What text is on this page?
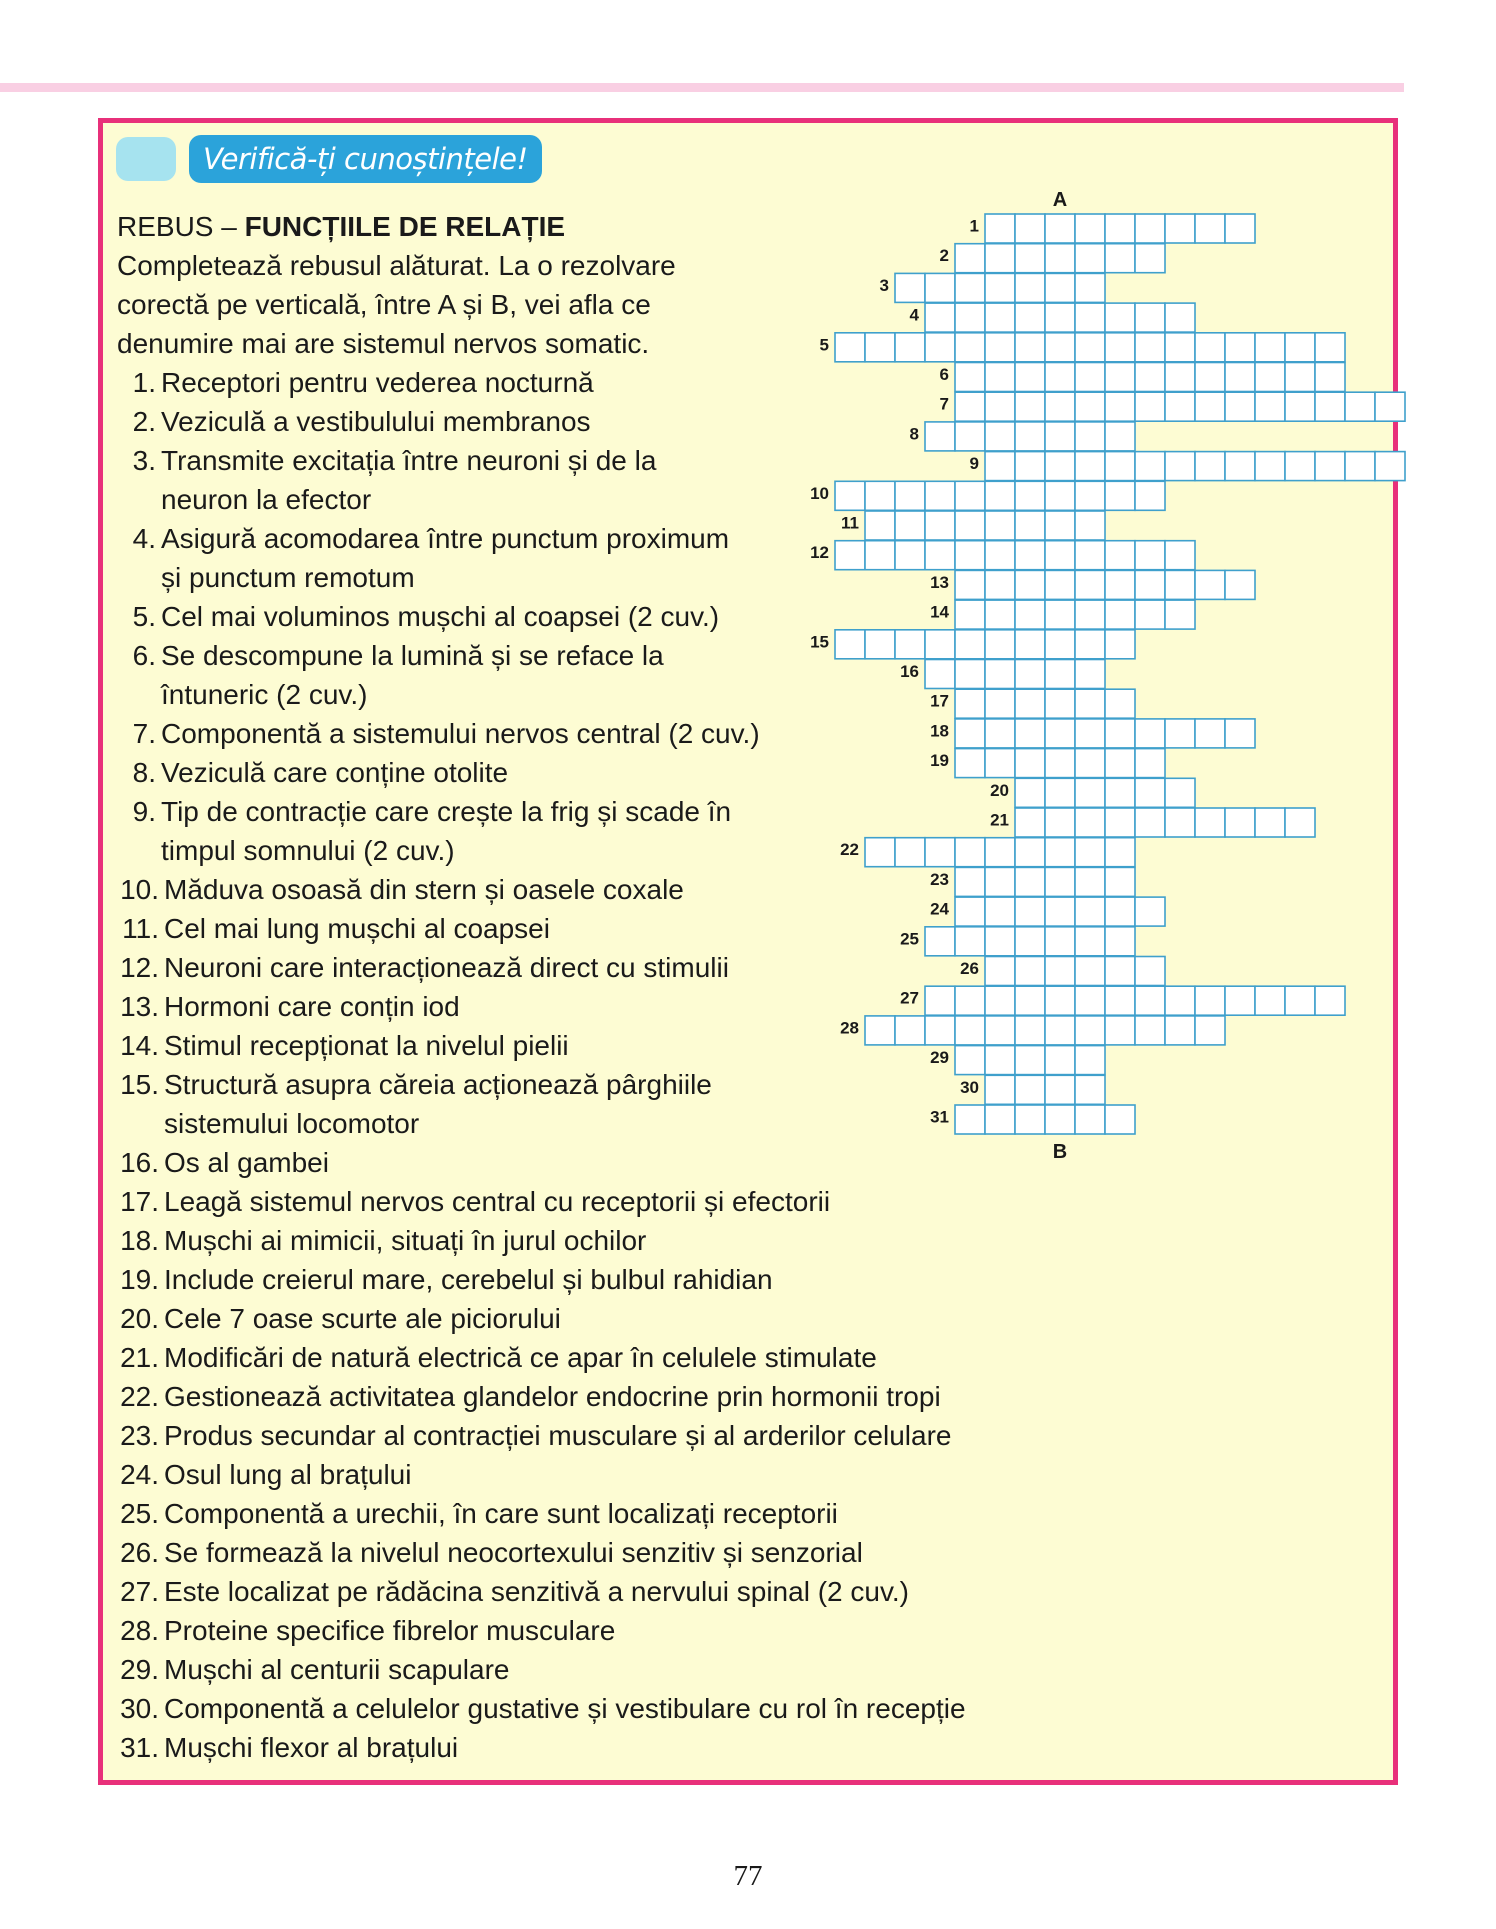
Verifică-ți cunoștințele!
REBUS – FUNCȚIILE DE RELAȚIE
Completează rebusul alăturat. La o rezolvare
corectă pe verticală, între A și B, vei afla ce
denumire mai are sistemul nervos somatic.
1. Receptori pentru vederea nocturnă
2. Veziculă a vestibulului membranos
3. Transmite excitația între neuroni și de la
neuron la efector
4. Asigură acomodarea între punctum proximum
și punctum remotum
5. Cel mai voluminos mușchi al coapsei (2 cuv.)
6. Se descompune la lumină și se reface la
întuneric (2 cuv.)
7. Componentă a sistemului nervos central (2 cuv.)
8. Veziculă care conține otolite
9. Tip de contracție care crește la frig și scade în
timpul somnului (2 cuv.)
10. Măduva osoasă din stern și oasele coxale
11. Cel mai lung mușchi al coapsei
12. Neuroni care interacționează direct cu stimulii
13. Hormoni care conțin iod
14. Stimul recepționat la nivelul pielii
15. Structură asupra căreia acționează pârghiile
sistemului locomotor
16. Os al gambei
17. Leagă sistemul nervos central cu receptorii și efectorii
18. Mușchi ai mimicii, situați în jurul ochilor
19. Include creierul mare, cerebelul și bulbul rahidian
20. Cele 7 oase scurte ale piciorului
21. Modificări de natură electrică ce apar în celulele stimulate
22. Gestionează activitatea glandelor endocrine prin hormonii tropi
23. Produs secundar al contracției musculare și al arderilor celulare
24. Osul lung al brațului
25. Componentă a urechii, în care sunt localizați receptorii
26. Se formează la nivelul neocortexului senzitiv și senzorial
27. Este localizat pe rădăcina senzitivă a nervului spinal (2 cuv.)
28. Proteine specifice fibrelor musculare
29. Mușchi al centurii scapulare
30. Componentă a celulelor gustative și vestibulare cu rol în recepție
31. Mușchi flexor al brațului
1
2
3
4
5
6
7
8
9
10
11
12
13
14
15
16
17
18
19
20
21
22
23
24
25
26
27
28
29
30
31
A
B
77
